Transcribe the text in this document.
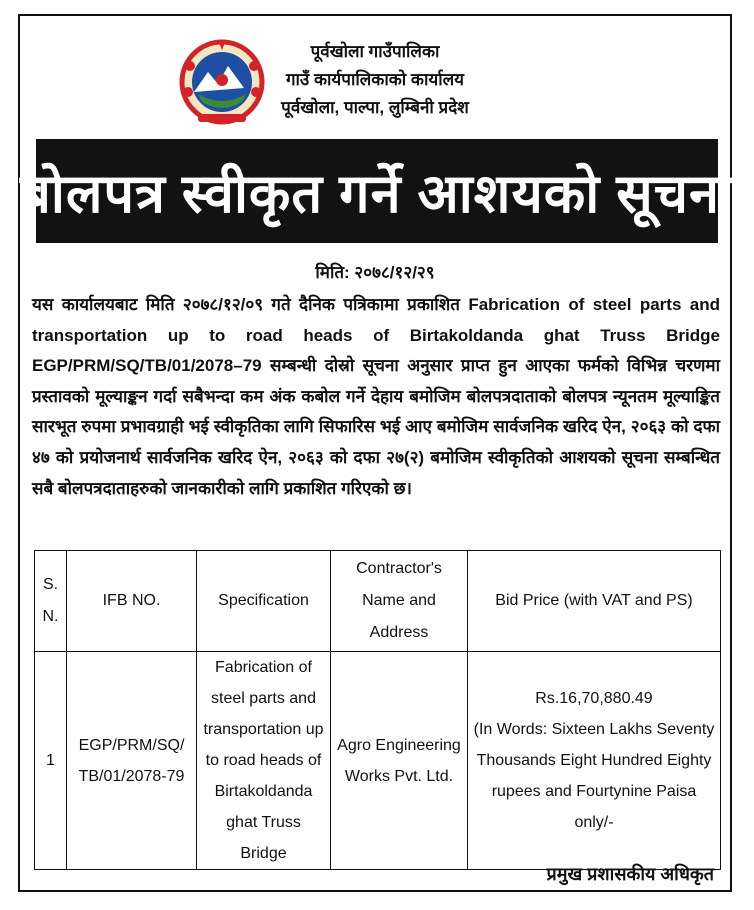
पूर्वखोला गाउँपालिका
गाउँ कार्यपालिकाको कार्यालय
पूर्वखोला, पाल्पा, लुम्बिनी प्रदेश
बोलपत्र स्वीकृत गर्ने आशयको सूचना
मिति: २०७८/१२/२९

यस कार्यालयबाट मिति २०७८/१२/०९ गते दैनिक पत्रिकामा प्रकाशित Fabrication of steel parts and transportation up to road heads of Birtakoldanda ghat Truss Bridge EGP/PRM/SQ/TB/01/2078–79 सम्बन्धी दोस्रो सूचना अनुसार प्राप्त हुन आएका फर्मको विभिन्न चरणमा प्रस्तावको मूल्याङ्कन गर्दा सबैभन्दा कम अंक कबोल गर्ने देहाय बमोजिम बोलपत्रदाताको बोलपत्र न्यूनतम मूल्याङ्कित सारभूत रुपमा प्रभावग्राही भई स्वीकृतिका लागि सिफारिस भई आए बमोजिम सार्वजनिक खरिद ऐन, २०६३ को दफा ४७ को प्रयोजनार्थ सार्वजनिक खरिद ऐन, २०६३ को दफा २७(२) बमोजिम स्वीकृतिको आशयको सूचना सम्बन्धित सबै बोलपत्रदाताहरुको जानकारीको लागि प्रकाशित गरिएको छ।

S. N.	IFB NO.	Specification	Contractor's Name and Address	Bid Price (with VAT and PS)
1	EGP/PRM/SQ/ TB/01/2078-79	Fabrication of steel parts and transportation up to road heads of Birtakoldanda ghat Truss Bridge	Agro Engineering Works Pvt. Ltd.	Rs.16,70,880.49
(In Words: Sixteen Lakhs Seventy Thousands Eight Hundred Eighty rupees and Fourtynine Paisa only/-
प्रमुख प्रशासकीय अधिकृत
